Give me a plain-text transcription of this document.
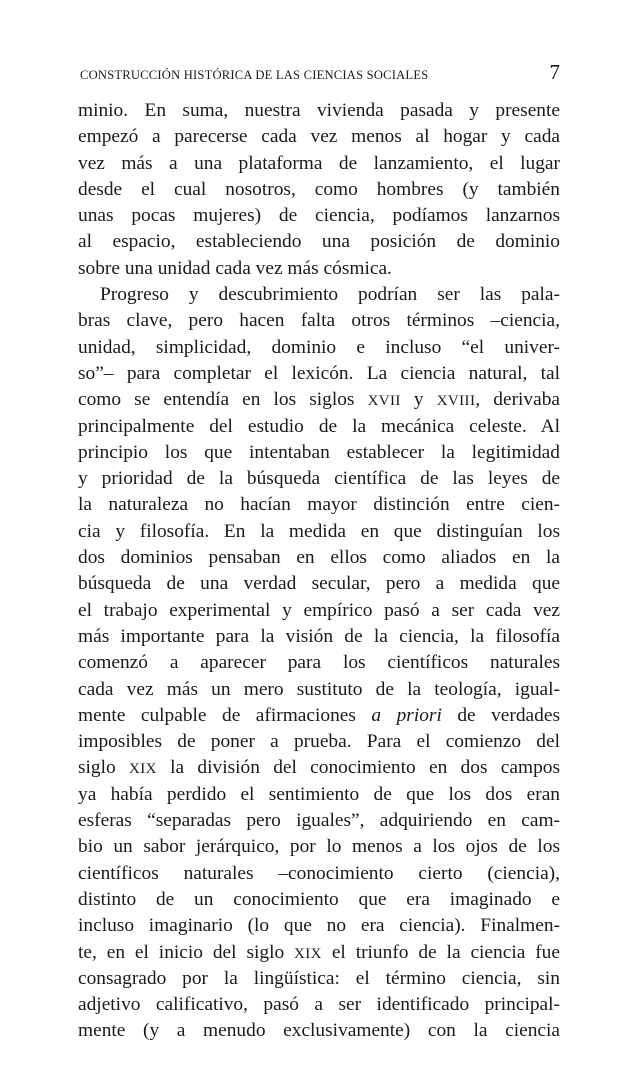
CONSTRUCCIÓN HISTÓRICA DE LAS CIENCIAS SOCIALES	7
minio. En suma, nuestra vivienda pasada y presente
empezó a parecerse cada vez menos al hogar y cada
vez más a una plataforma de lanzamiento, el lugar
desde el cual nosotros, como hombres (y también
unas pocas mujeres) de ciencia, podíamos lanzarnos
al espacio, estableciendo una posición de dominio
sobre una unidad cada vez más cósmica.
Progreso y descubrimiento podrían ser las pala-
bras clave, pero hacen falta otros términos –ciencia,
unidad, simplicidad, dominio e incluso “el univer-
so”– para completar el lexicón. La ciencia natural, tal
como se entendía en los siglos XVII y XVIII, derivaba
principalmente del estudio de la mecánica celeste. Al
principio los que intentaban establecer la legitimidad
y prioridad de la búsqueda científica de las leyes de
la naturaleza no hacían mayor distinción entre cien-
cia y filosofía. En la medida en que distinguían los
dos dominios pensaban en ellos como aliados en la
búsqueda de una verdad secular, pero a medida que
el trabajo experimental y empírico pasó a ser cada vez
más importante para la visión de la ciencia, la filosofía
comenzó a aparecer para los científicos naturales
cada vez más un mero sustituto de la teología, igual-
mente culpable de afirmaciones a priori de verdades
imposibles de poner a prueba. Para el comienzo del
siglo XIX la división del conocimiento en dos campos
ya había perdido el sentimiento de que los dos eran
esferas “separadas pero iguales”, adquiriendo en cam-
bio un sabor jerárquico, por lo menos a los ojos de los
científicos naturales –conocimiento cierto (ciencia),
distinto de un conocimiento que era imaginado e
incluso imaginario (lo que no era ciencia). Finalmen-
te, en el inicio del siglo XIX el triunfo de la ciencia fue
consagrado por la lingüística: el término ciencia, sin
adjetivo calificativo, pasó a ser identificado principal-
mente (y a menudo exclusivamente) con la ciencia
